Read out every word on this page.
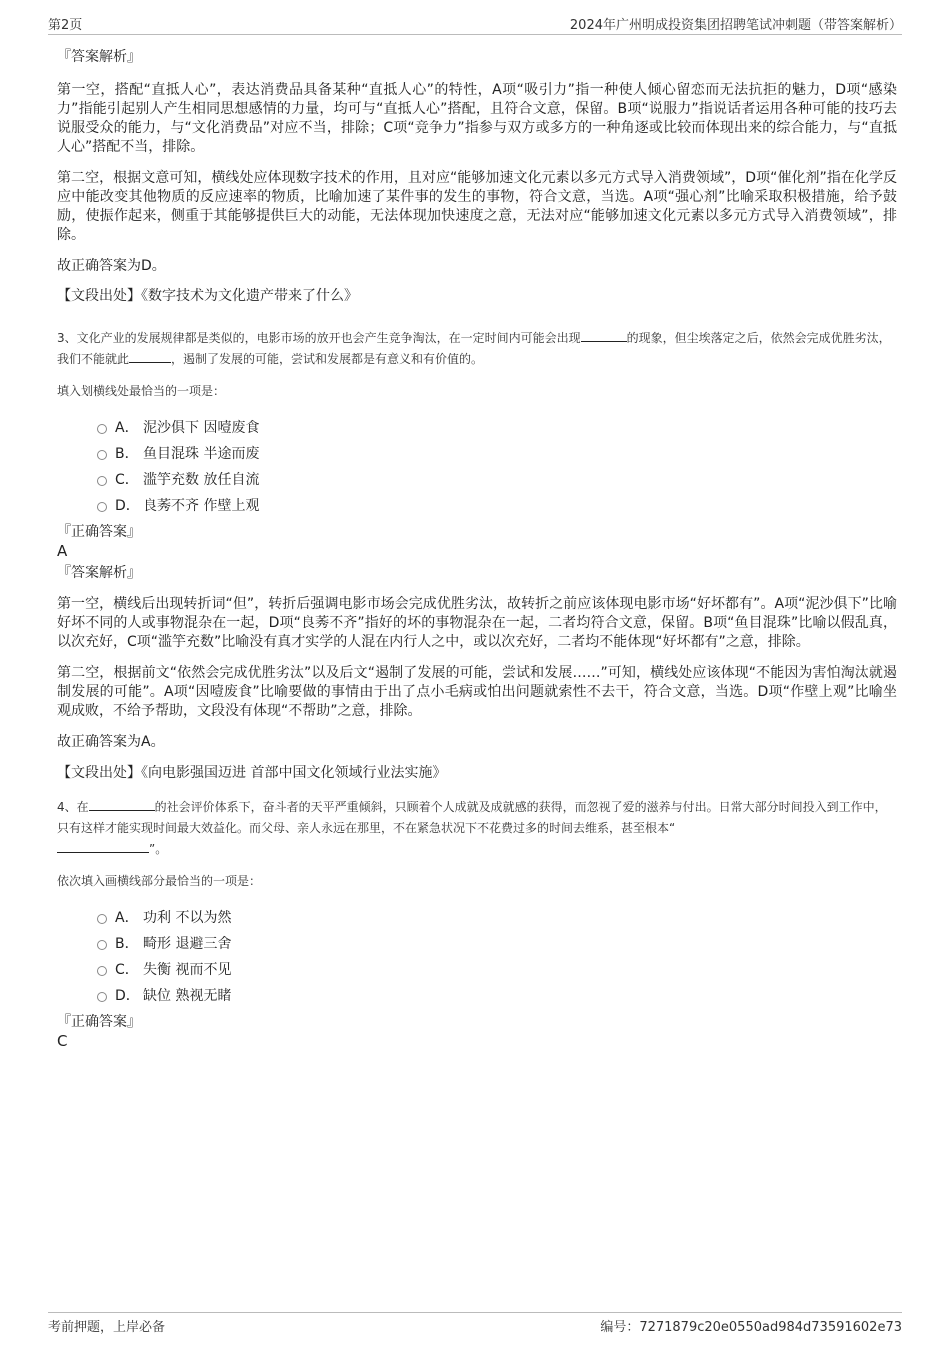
第2页	2024年广州明成投资集团招聘笔试冲刺题（带答案解析）

『答案解析』

第一空，搭配“直抵人心”，表达消费品具备某种“直抵人心”的特性，A项“吸引力”指一种使人倾心留恋而无法抗拒的魅力，D项“感染力”指能引起别人产生相同思想感情的力量，均可与“直抵人心”搭配，且符合文意，保留。B项“说服力”指说话者运用各种可能的技巧去说服受众的能力，与“文化消费品”对应不当，排除；C项“竞争力”指参与双方或多方的一种角逐或比较而体现出来的综合能力，与“直抵人心”搭配不当，排除。

第二空，根据文意可知，横线处应体现数字技术的作用，且对应“能够加速文化元素以多元方式导入消费领域”，D项“催化剂”指在化学反应中能改变其他物质的反应速率的物质，比喻加速了某件事的发生的事物，符合文意，当选。A项“强心剂”比喻采取积极措施，给予鼓励，使振作起来，侧重于其能够提供巨大的动能，无法体现加快速度之意，无法对应“能够加速文化元素以多元方式导入消费领域”，排除。

故正确答案为D。

【文段出处】《数字技术为文化遗产带来了什么》

3、文化产业的发展规律都是类似的，电影市场的放开也会产生竞争淘汰，在一定时间内可能会出现	的现象，但尘埃落定之后，依然会完成优胜劣汰，我们不能就此	，遏制了发展的可能，尝试和发展都是有意义和有价值的。

填入划横线处最恰当的一项是：

A． 泥沙俱下 因噎废食
B． 鱼目混珠 半途而废
C． 滥竽充数 放任自流
D． 良莠不齐 作壁上观

『正确答案』

A

『答案解析』

第一空，横线后出现转折词“但”，转折后强调电影市场会完成优胜劣汰，故转折之前应该体现电影市场“好坏都有”。A项“泥沙俱下”比喻好坏不同的人或事物混杂在一起，D项“良莠不齐”指好的坏的事物混杂在一起，二者均符合文意，保留。B项“鱼目混珠”比喻以假乱真，以次充好，C项“滥竽充数”比喻没有真才实学的人混在内行人之中，或以次充好，二者均不能体现“好坏都有”之意，排除。

第二空，根据前文“依然会完成优胜劣汰”以及后文“遏制了发展的可能，尝试和发展……”可知，横线处应该体现“不能因为害怕淘汰就遏制发展的可能”。A项“因噎废食”比喻要做的事情由于出了点小毛病或怕出问题就索性不去干，符合文意，当选。D项“作壁上观”比喻坐观成败，不给予帮助，文段没有体现“不帮助”之意，排除。

故正确答案为A。

【文段出处】《向电影强国迈进 首部中国文化领域行业法实施》

4、在	的社会评价体系下，奋斗者的天平严重倾斜，只顾着个人成就及成就感的获得，而忽视了爱的滋养与付出。日常大部分时间投入到工作中，只有这样才能实现时间最大效益化。而父母、亲人永远在那里，不在紧急状况下不花费过多的时间去维系，甚至根本“
”。

依次填入画横线部分最恰当的一项是：

A． 功利 不以为然
B． 畸形 退避三舍
C． 失衡 视而不见
D． 缺位 熟视无睹

『正确答案』

C

考前押题，上岸必备	编号：7271879c20e0550ad984d73591602e73
